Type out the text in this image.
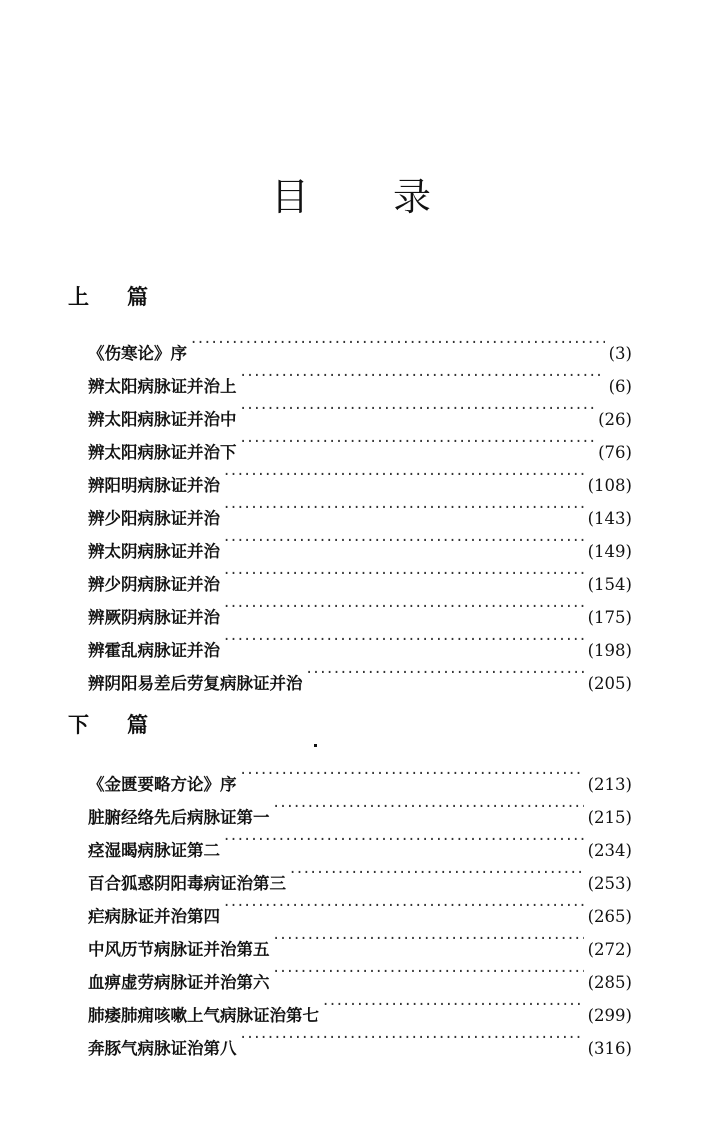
目 录
上 篇
《伤寒论》序 ·····	(3)
辨太阳病脉证并治上 ·····	(6)
辨太阳病脉证并治中 ·····	(26)
辨太阳病脉证并治下 ·····	(76)
辨阳明病脉证并治 ·····	(108)
辨少阳病脉证并治 ·····	(143)
辨太阴病脉证并治 ·····	(149)
辨少阴病脉证并治 ·····	(154)
辨厥阴病脉证并治 ·····	(175)
辨霍乱病脉证并治 ·····	(198)
辨阴阳易差后劳复病脉证并治 ·····	(205)
下 篇
《金匮要略方论》序 ·····	(213)
脏腑经络先后病脉证第一 ·····	(215)
痉湿暍病脉证第二 ·····	(234)
百合狐惑阴阳毒病证治第三 ·····	(253)
疟病脉证并治第四 ·····	(265)
中风历节病脉证并治第五 ·····	(272)
血痹虚劳病脉证并治第六 ·····	(285)
肺痿肺痈咳嗽上气病脉证治第七 ·····	(299)
奔豚气病脉证治第八 ·····	(316)
